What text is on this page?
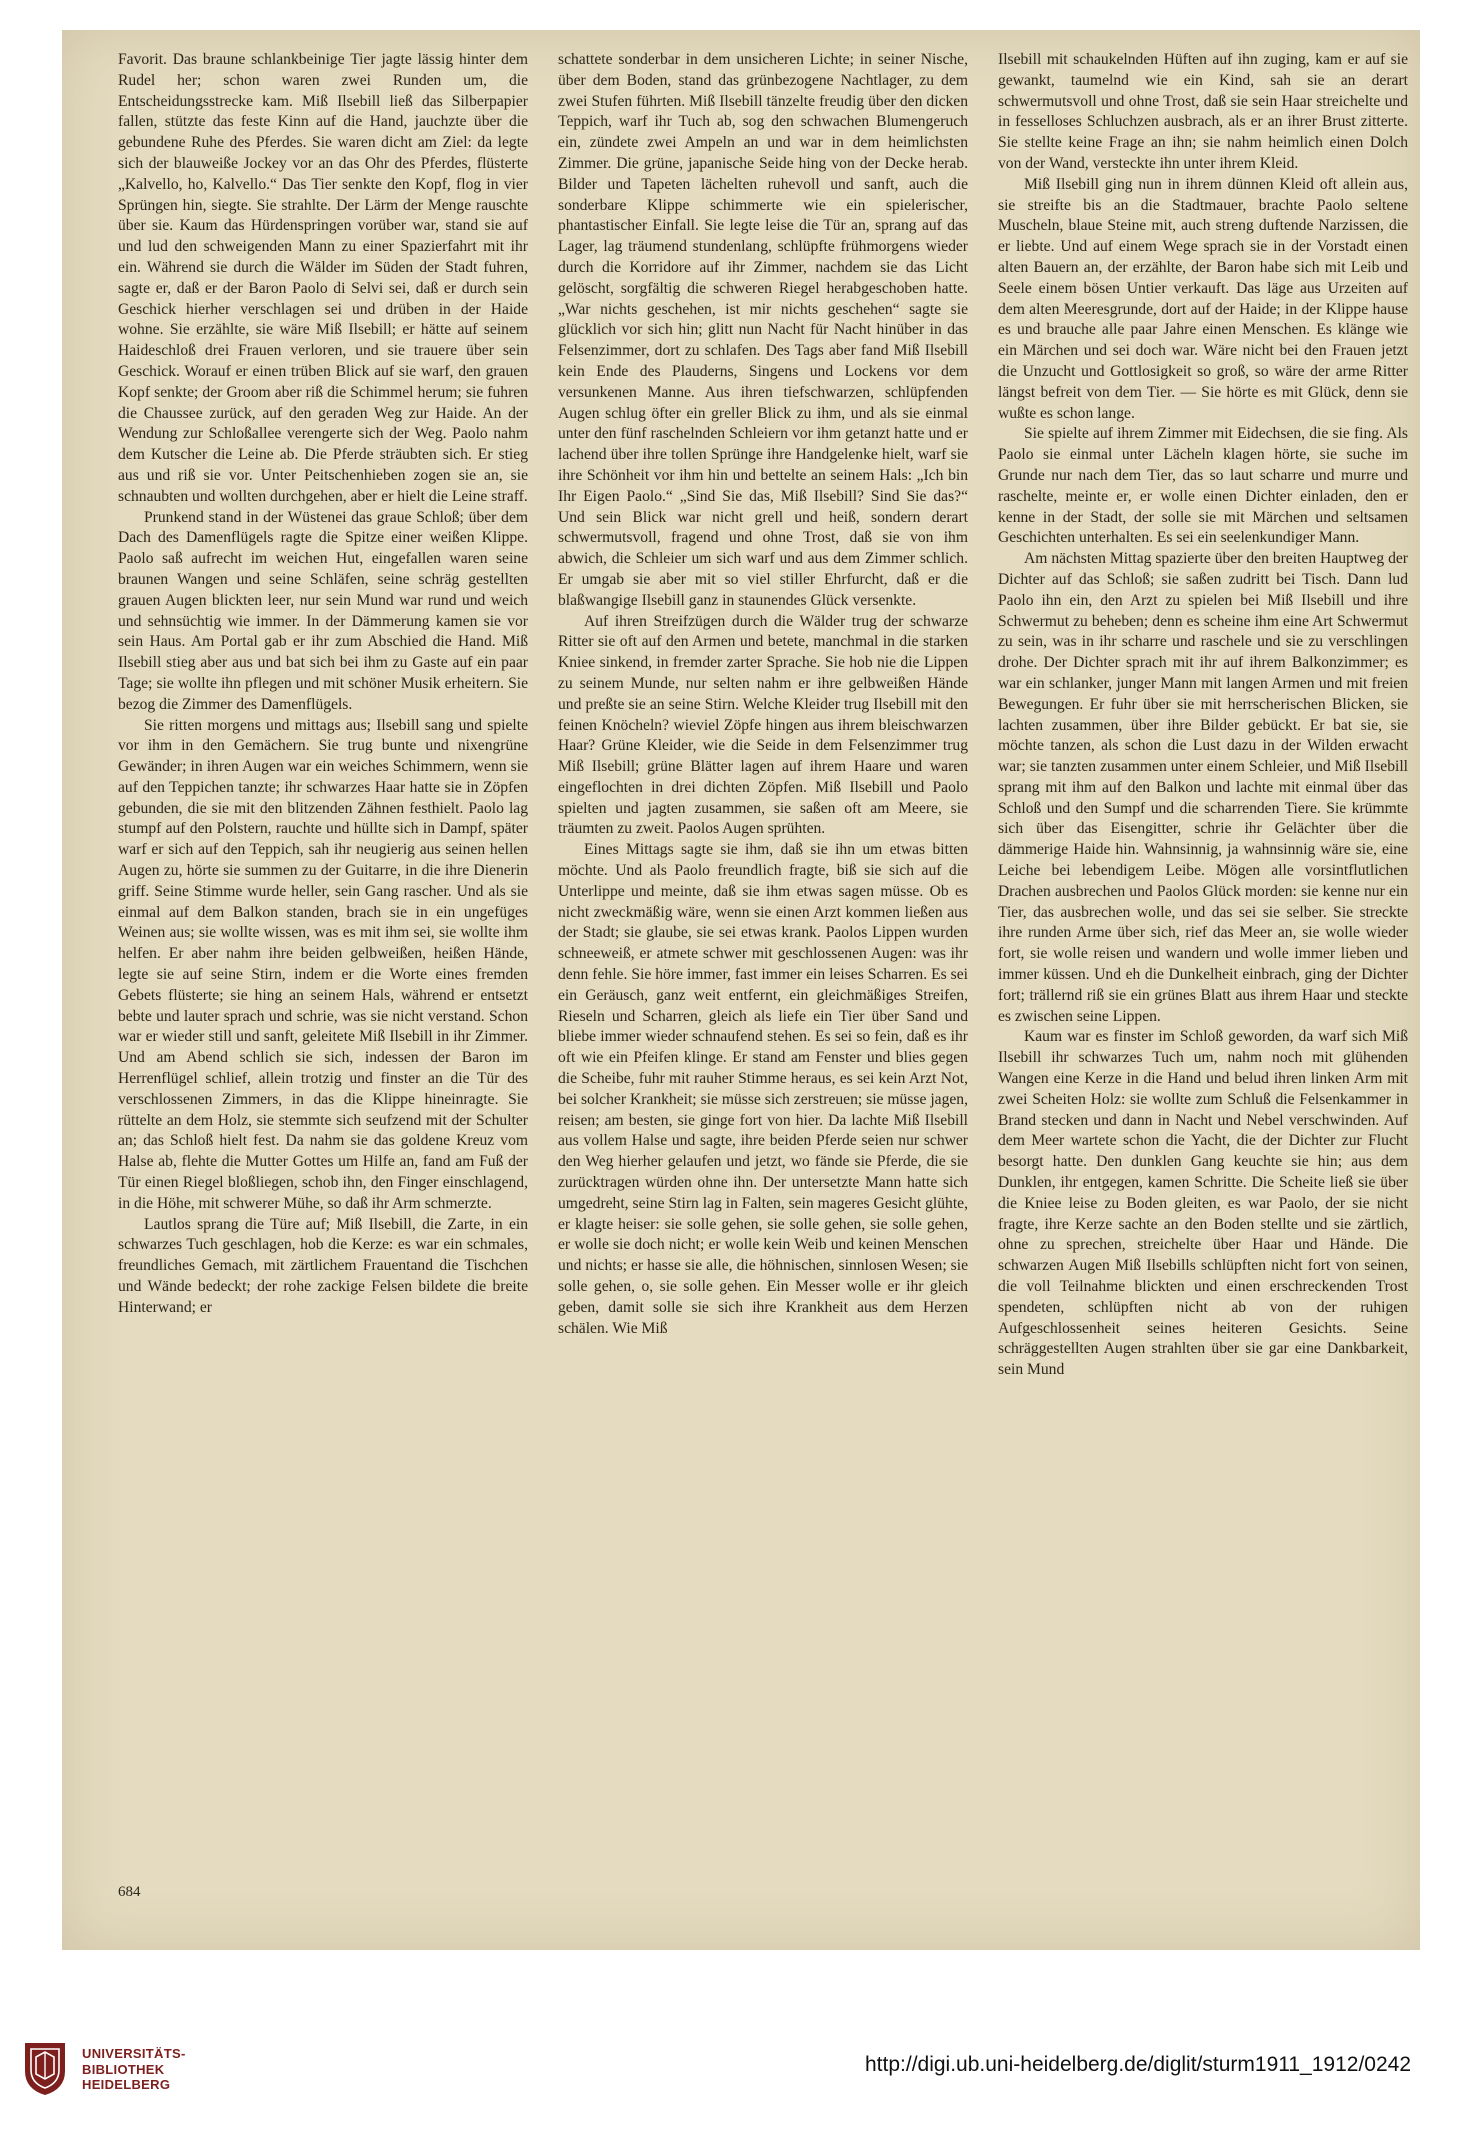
Favorit. Das braune schlankbeinige Tier jagte lässig hinter dem Rudel her; schon waren zwei Runden um, die Entscheidungsstrecke kam. Miß Ilsebill ließ das Silberpapier fallen, stützte das feste Kinn auf die Hand, jauchzte über die gebundene Ruhe des Pferdes. Sie waren dicht am Ziel: da legte sich der blauweiße Jockey vor an das Ohr des Pferdes, flüsterte „Kalvello, ho, Kalvello.“ Das Tier senkte den Kopf, flog in vier Sprüngen hin, siegte. Sie strahlte. Der Lärm der Menge rauschte über sie. Kaum das Hürdenspringen vorüber war, stand sie auf und lud den schweigenden Mann zu einer Spazierfahrt mit ihr ein. Während sie durch die Wälder im Süden der Stadt fuhren, sagte er, daß er der Baron Paolo di Selvi sei, daß er durch sein Geschick hierher verschlagen sei und drüben in der Haide wohne. Sie erzählte, sie wäre Miß Ilsebill; er hätte auf seinem Haideschloß drei Frauen verloren, und sie trauere über sein Geschick. Worauf er einen trüben Blick auf sie warf, den grauen Kopf senkte; der Groom aber riß die Schimmel herum; sie fuhren die Chaussee zurück, auf den geraden Weg zur Haide. An der Wendung zur Schloßallee verengerte sich der Weg. Paolo nahm dem Kutscher die Leine ab. Die Pferde sträubten sich. Er stieg aus und riß sie vor. Unter Peitschenhieben zogen sie an, sie schnaubten und wollten durchgehen, aber er hielt die Leine straff.

Prunkend stand in der Wüstenei das graue Schloß; über dem Dach des Damenflügels ragte die Spitze einer weißen Klippe. Paolo saß aufrecht im weichen Hut, eingefallen waren seine braunen Wangen und seine Schläfen, seine schräg gestellten grauen Augen blickten leer, nur sein Mund war rund und weich und sehnsüchtig wie immer. In der Dämmerung kamen sie vor sein Haus. Am Portal gab er ihr zum Abschied die Hand. Miß Ilsebill stieg aber aus und bat sich bei ihm zu Gaste auf ein paar Tage; sie wollte ihn pflegen und mit schöner Musik erheitern. Sie bezog die Zimmer des Damenflügels.

Sie ritten morgens und mittags aus; Ilsebill sang und spielte vor ihm in den Gemächern. Sie trug bunte und nixengrüne Gewänder; in ihren Augen war ein weiches Schimmern, wenn sie auf den Teppichen tanzte; ihr schwarzes Haar hatte sie in Zöpfen gebunden, die sie mit den blitzenden Zähnen festhielt. Paolo lag stumpf auf den Polstern, rauchte und hüllte sich in Dampf, später warf er sich auf den Teppich, sah ihr neugierig aus seinen hellen Augen zu, hörte sie summen zu der Guitarre, in die ihre Dienerin griff. Seine Stimme wurde heller, sein Gang rascher. Und als sie einmal auf dem Balkon standen, brach sie in ein ungefüges Weinen aus; sie wollte wissen, was es mit ihm sei, sie wollte ihm helfen. Er aber nahm ihre beiden gelbweißen, heißen Hände, legte sie auf seine Stirn, indem er die Worte eines fremden Gebets flüsterte; sie hing an seinem Hals, während er entsetzt bebte und lauter sprach und schrie, was sie nicht verstand. Schon war er wieder still und sanft, geleitete Miß Ilsebill in ihr Zimmer. Und am Abend schlich sie sich, indessen der Baron im Herrenflügel schlief, allein trotzig und finster an die Tür des verschlossenen Zimmers, in das die Klippe hineinragte. Sie rüttelte an dem Holz, sie stemmte sich seufzend mit der Schulter an; das Schloß hielt fest. Da nahm sie das goldene Kreuz vom Halse ab, flehte die Mutter Gottes um Hilfe an, fand am Fuß der Tür einen Riegel bloßliegen, schob ihn, den Finger einschlagend, in die Höhe, mit schwerer Mühe, so daß ihr Arm schmerzte.

Lautlos sprang die Türe auf; Miß Ilsebill, die Zarte, in ein schwarzes Tuch geschlagen, hob die Kerze: es war ein schmales, freundliches Gemach, mit zärtlichem Frauentand die Tischchen und Wände bedeckt; der rohe zackige Felsen bildete die breite Hinterwand; er

schattete sonderbar in dem unsicheren Lichte; in seiner Nische, über dem Boden, stand das grünbezogene Nachtlager, zu dem zwei Stufen führten. Miß Ilsebill tänzelte freudig über den dicken Teppich, warf ihr Tuch ab, sog den schwachen Blumengeruch ein, zündete zwei Ampeln an und war in dem heimlichsten Zimmer. Die grüne, japanische Seide hing von der Decke herab. Bilder und Tapeten lächelten ruhevoll und sanft, auch die sonderbare Klippe schimmerte wie ein spielerischer, phantastischer Einfall. Sie legte leise die Tür an, sprang auf das Lager, lag träumend stundenlang, schlüpfte frühmorgens wieder durch die Korridore auf ihr Zimmer, nachdem sie das Licht gelöscht, sorgfältig die schweren Riegel herabgeschoben hatte. „War nichts geschehen, ist mir nichts geschehen“ sagte sie glücklich vor sich hin; glitt nun Nacht für Nacht hinüber in das Felsenzimmer, dort zu schlafen. Des Tags aber fand Miß Ilsebill kein Ende des Plauderns, Singens und Lockens vor dem versunkenen Manne. Aus ihren tiefschwarzen, schlüpfenden Augen schlug öfter ein greller Blick zu ihm, und als sie einmal unter den fünf raschelnden Schleiern vor ihm getanzt hatte und er lachend über ihre tollen Sprünge ihre Handgelenke hielt, warf sie ihre Schönheit vor ihm hin und bettelte an seinem Hals: „Ich bin Ihr Eigen Paolo.“ „Sind Sie das, Miß Ilsebill? Sind Sie das?“ Und sein Blick war nicht grell und heiß, sondern derart schwermutsvoll, fragend und ohne Trost, daß sie von ihm abwich, die Schleier um sich warf und aus dem Zimmer schlich. Er umgab sie aber mit so viel stiller Ehrfurcht, daß er die blaßwangige Ilsebill ganz in staunendes Glück versenkte.

Auf ihren Streifzügen durch die Wälder trug der schwarze Ritter sie oft auf den Armen und betete, manchmal in die starken Kniee sinkend, in fremder zarter Sprache. Sie hob nie die Lippen zu seinem Munde, nur selten nahm er ihre gelbweißen Hände und preßte sie an seine Stirn. Welche Kleider trug Ilsebill mit den feinen Knöcheln? wieviel Zöpfe hingen aus ihrem bleischwarzen Haar? Grüne Kleider, wie die Seide in dem Felsenzimmer trug Miß Ilsebill; grüne Blätter lagen auf ihrem Haare und waren eingeflochten in drei dichten Zöpfen. Miß Ilsebill und Paolo spielten und jagten zusammen, sie saßen oft am Meere, sie träumten zu zweit. Paolos Augen sprühten.

Eines Mittags sagte sie ihm, daß sie ihn um etwas bitten möchte. Und als Paolo freundlich fragte, biß sie sich auf die Unterlippe und meinte, daß sie ihm etwas sagen müsse. Ob es nicht zweckmäßig wäre, wenn sie einen Arzt kommen ließen aus der Stadt; sie glaube, sie sei etwas krank. Paolos Lippen wurden schneeweiß, er atmete schwer mit geschlossenen Augen: was ihr denn fehle. Sie höre immer, fast immer ein leises Scharren. Es sei ein Geräusch, ganz weit entfernt, ein gleichmäßiges Streifen, Rieseln und Scharren, gleich als liefe ein Tier über Sand und bliebe immer wieder schnaufend stehen. Es sei so fein, daß es ihr oft wie ein Pfeifen klinge. Er stand am Fenster und blies gegen die Scheibe, fuhr mit rauher Stimme heraus, es sei kein Arzt Not, bei solcher Krankheit; sie müsse sich zerstreuen; sie müsse jagen, reisen; am besten, sie ginge fort von hier. Da lachte Miß Ilsebill aus vollem Halse und sagte, ihre beiden Pferde seien nur schwer den Weg hierher gelaufen und jetzt, wo fände sie Pferde, die sie zurücktragen würden ohne ihn. Der untersetzte Mann hatte sich umgedreht, seine Stirn lag in Falten, sein mageres Gesicht glühte, er klagte heiser: sie solle gehen, sie solle gehen, sie solle gehen, er wolle sie doch nicht; er wolle kein Weib und keinen Menschen und nichts; er hasse sie alle, die höhnischen, sinnlosen Wesen; sie solle gehen, o, sie solle gehen. Ein Messer wolle er ihr gleich geben, damit solle sie sich ihre Krankheit aus dem Herzen schälen. Wie Miß

Ilsebill mit schaukelnden Hüften auf ihn zuging, kam er auf sie gewankt, taumelnd wie ein Kind, sah sie an derart schwermutsvoll und ohne Trost, daß sie sein Haar streichelte und in fesselloses Schluchzen ausbrach, als er an ihrer Brust zitterte. Sie stellte keine Frage an ihn; sie nahm heimlich einen Dolch von der Wand, versteckte ihn unter ihrem Kleid.

Miß Ilsebill ging nun in ihrem dünnen Kleid oft allein aus, sie streifte bis an die Stadtmauer, brachte Paolo seltene Muscheln, blaue Steine mit, auch streng duftende Narzissen, die er liebte. Und auf einem Wege sprach sie in der Vorstadt einen alten Bauern an, der erzählte, der Baron habe sich mit Leib und Seele einem bösen Untier verkauft. Das läge aus Urzeiten auf dem alten Meeresgrunde, dort auf der Haide; in der Klippe hause es und brauche alle paar Jahre einen Menschen. Es klänge wie ein Märchen und sei doch war. Wäre nicht bei den Frauen jetzt die Unzucht und Gottlosigkeit so groß, so wäre der arme Ritter längst befreit von dem Tier. — Sie hörte es mit Glück, denn sie wußte es schon lange.

Sie spielte auf ihrem Zimmer mit Eidechsen, die sie fing. Als Paolo sie einmal unter Lächeln klagen hörte, sie suche im Grunde nur nach dem Tier, das so laut scharre und murre und raschelte, meinte er, er wolle einen Dichter einladen, den er kenne in der Stadt, der solle sie mit Märchen und seltsamen Geschichten unterhalten. Es sei ein seelenkundiger Mann.

Am nächsten Mittag spazierte über den breiten Hauptweg der Dichter auf das Schloß; sie saßen zudritt bei Tisch. Dann lud Paolo ihn ein, den Arzt zu spielen bei Miß Ilsebill und ihre Schwermut zu beheben; denn es scheine ihm eine Art Schwermut zu sein, was in ihr scharre und raschele und sie zu verschlingen drohe. Der Dichter sprach mit ihr auf ihrem Balkonzimmer; es war ein schlanker, junger Mann mit langen Armen und mit freien Bewegungen. Er fuhr über sie mit herrscherischen Blicken, sie lachten zusammen, über ihre Bilder gebückt. Er bat sie, sie möchte tanzen, als schon die Lust dazu in der Wilden erwacht war; sie tanzten zusammen unter einem Schleier, und Miß Ilsebill sprang mit ihm auf den Balkon und lachte mit einmal über das Schloß und den Sumpf und die scharrenden Tiere. Sie krümmte sich über das Eisengitter, schrie ihr Gelächter über die dämmerige Haide hin. Wahnsinnig, ja wahnsinnig wäre sie, eine Leiche bei lebendigem Leibe. Mögen alle vorsintflutlichen Drachen ausbrechen und Paolos Glück morden: sie kenne nur ein Tier, das ausbrechen wolle, und das sei sie selber. Sie streckte ihre runden Arme über sich, rief das Meer an, sie wolle wieder fort, sie wolle reisen und wandern und wolle immer lieben und immer küssen. Und eh die Dunkelheit einbrach, ging der Dichter fort; trällernd riß sie ein grünes Blatt aus ihrem Haar und steckte es zwischen seine Lippen.

Kaum war es finster im Schloß geworden, da warf sich Miß Ilsebill ihr schwarzes Tuch um, nahm noch mit glühenden Wangen eine Kerze in die Hand und belud ihren linken Arm mit zwei Scheiten Holz: sie wollte zum Schluß die Felsenkammer in Brand stecken und dann in Nacht und Nebel verschwinden. Auf dem Meer wartete schon die Yacht, die der Dichter zur Flucht besorgt hatte. Den dunklen Gang keuchte sie hin; aus dem Dunklen, ihr entgegen, kamen Schritte. Die Scheite ließ sie über die Kniee leise zu Boden gleiten, es war Paolo, der sie nicht fragte, ihre Kerze sachte an den Boden stellte und sie zärtlich, ohne zu sprechen, streichelte über Haar und Hände. Die schwarzen Augen Miß Ilsebills schlüpften nicht fort von seinen, die voll Teilnahme blickten und einen erschreckenden Trost spendeten, schlüpften nicht ab von der ruhigen Aufgeschlossenheit seines heiteren Gesichts. Seine schräggestellten Augen strahlten über sie gar eine Dankbarkeit, sein Mund

684
UNIVERSITÄTS-
BIBLIOTHEK
HEIDELBERG
http://digi.ub.uni-heidelberg.de/diglit/sturm1911_1912/0242
